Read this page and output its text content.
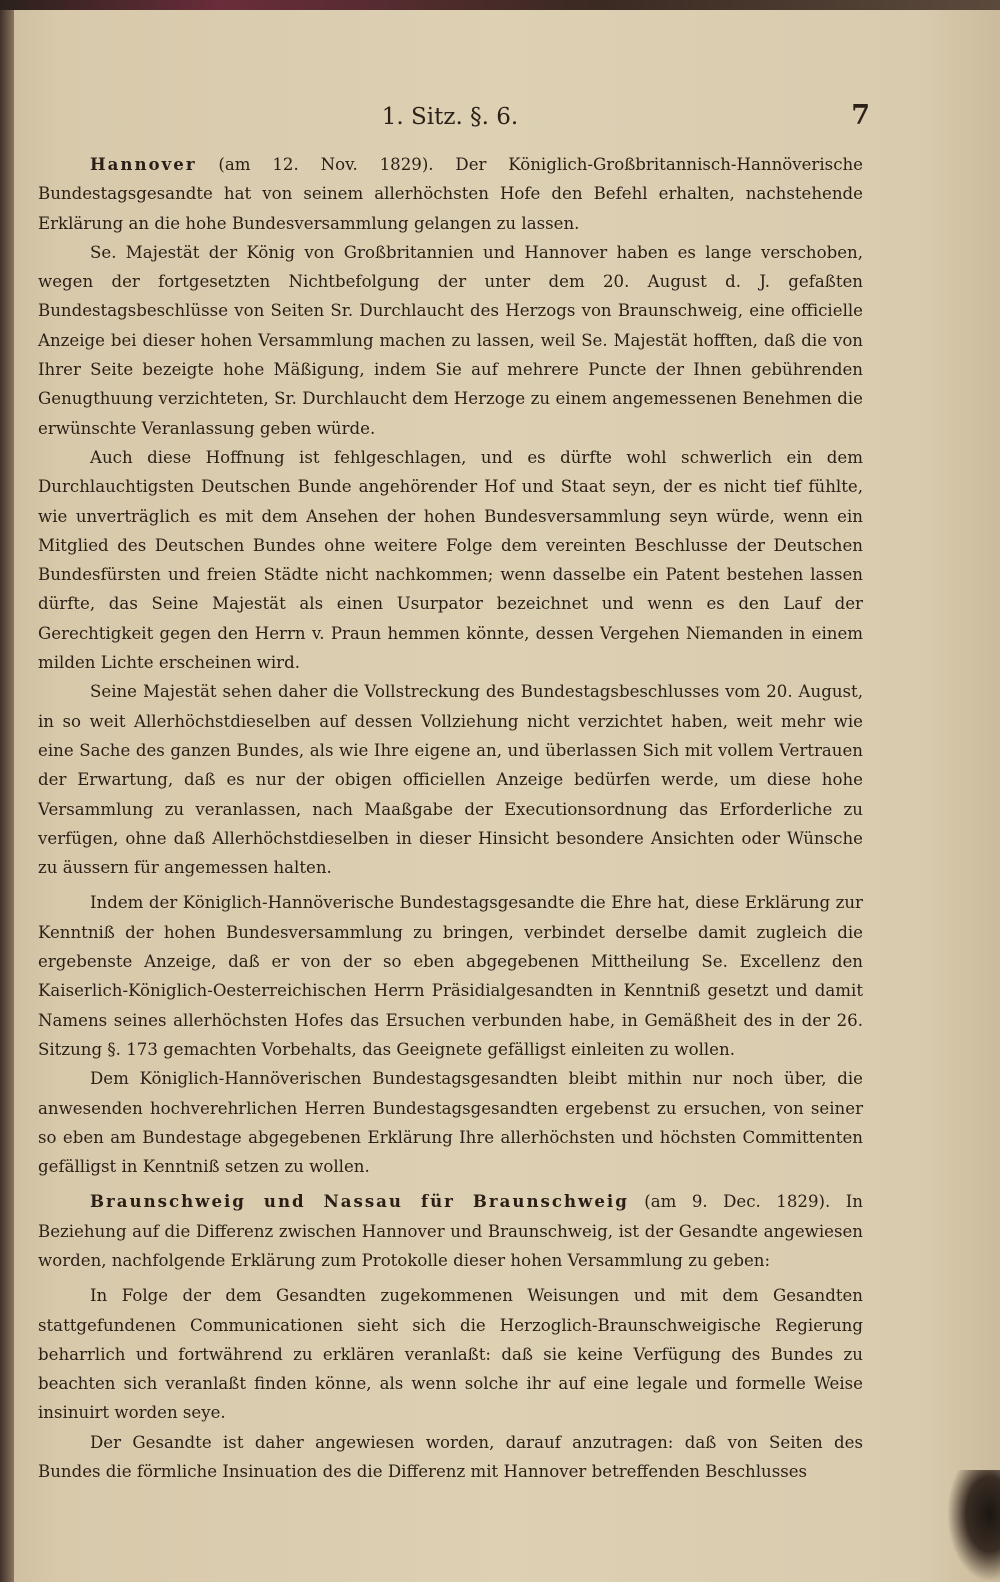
1. Sitz. §. 6.	7

Hannover (am 12. Nov. 1829). Der Königlich-Großbritannisch-Hannöverische Bundestagsgesandte hat von seinem allerhöchsten Hofe den Befehl erhalten, nachstehende Erklärung an die hohe Bundesversammlung gelangen zu lassen.

Se. Majestät der König von Großbritannien und Hannover haben es lange verschoben, wegen der fortgesetzten Nichtbefolgung der unter dem 20. August d. J. gefaßten Bundestagsbeschlüsse von Seiten Sr. Durchlaucht des Herzogs von Braunschweig, eine officielle Anzeige bei dieser hohen Versammlung machen zu lassen, weil Se. Majestät hofften, daß die von Ihrer Seite bezeigte hohe Mäßigung, indem Sie auf mehrere Puncte der Ihnen gebührenden Genugthuung verzichteten, Sr. Durchlaucht dem Herzoge zu einem angemessenen Benehmen die erwünschte Veranlassung geben würde.

Auch diese Hoffnung ist fehlgeschlagen, und es dürfte wohl schwerlich ein dem Durchlauchtigsten Deutschen Bunde angehörender Hof und Staat seyn, der es nicht tief fühlte, wie unverträglich es mit dem Ansehen der hohen Bundesversammlung seyn würde, wenn ein Mitglied des Deutschen Bundes ohne weitere Folge dem vereinten Beschlusse der Deutschen Bundesfürsten und freien Städte nicht nachkommen; wenn dasselbe ein Patent bestehen lassen dürfte, das Seine Majestät als einen Usurpator bezeichnet und wenn es den Lauf der Gerechtigkeit gegen den Herrn v. Praun hemmen könnte, dessen Vergehen Niemanden in einem milden Lichte erscheinen wird.

Seine Majestät sehen daher die Vollstreckung des Bundestagsbeschlusses vom 20. August, in so weit Allerhöchstdieselben auf dessen Vollziehung nicht verzichtet haben, weit mehr wie eine Sache des ganzen Bundes, als wie Ihre eigene an, und überlassen Sich mit vollem Vertrauen der Erwartung, daß es nur der obigen officiellen Anzeige bedürfen werde, um diese hohe Versammlung zu veranlassen, nach Maaßgabe der Executionsordnung das Erforderliche zu verfügen, ohne daß Allerhöchstdieselben in dieser Hinsicht besondere Ansichten oder Wünsche zu äussern für angemessen halten.

Indem der Königlich-Hannöverische Bundestagsgesandte die Ehre hat, diese Erklärung zur Kenntniß der hohen Bundesversammlung zu bringen, verbindet derselbe damit zugleich die ergebenste Anzeige, daß er von der so eben abgegebenen Mittheilung Se. Excellenz den Kaiserlich-Königlich-Oesterreichischen Herrn Präsidialgesandten in Kenntniß gesetzt und damit Namens seines allerhöchsten Hofes das Ersuchen verbunden habe, in Gemäßheit des in der 26. Sitzung §. 173 gemachten Vorbehalts, das Geeignete gefälligst einleiten zu wollen.

Dem Königlich-Hannöverischen Bundestagsgesandten bleibt mithin nur noch über, die anwesenden hochverehrlichen Herren Bundestagsgesandten ergebenst zu ersuchen, von seiner so eben am Bundestage abgegebenen Erklärung Ihre allerhöchsten und höchsten Committenten gefälligst in Kenntniß setzen zu wollen.

Braunschweig und Nassau für Braunschweig (am 9. Dec. 1829). In Beziehung auf die Differenz zwischen Hannover und Braunschweig, ist der Gesandte angewiesen worden, nachfolgende Erklärung zum Protokolle dieser hohen Versammlung zu geben:

In Folge der dem Gesandten zugekommenen Weisungen und mit dem Gesandten stattgefundenen Communicationen sieht sich die Herzoglich-Braunschweigische Regierung beharrlich und fortwährend zu erklären veranlaßt: daß sie keine Verfügung des Bundes zu beachten sich veranlaßt finden könne, als wenn solche ihr auf eine legale und formelle Weise insinuirt worden seye.

Der Gesandte ist daher angewiesen worden, darauf anzutragen: daß von Seiten des Bundes die förmliche Insinuation des die Differenz mit Hannover betreffenden Beschlusses
